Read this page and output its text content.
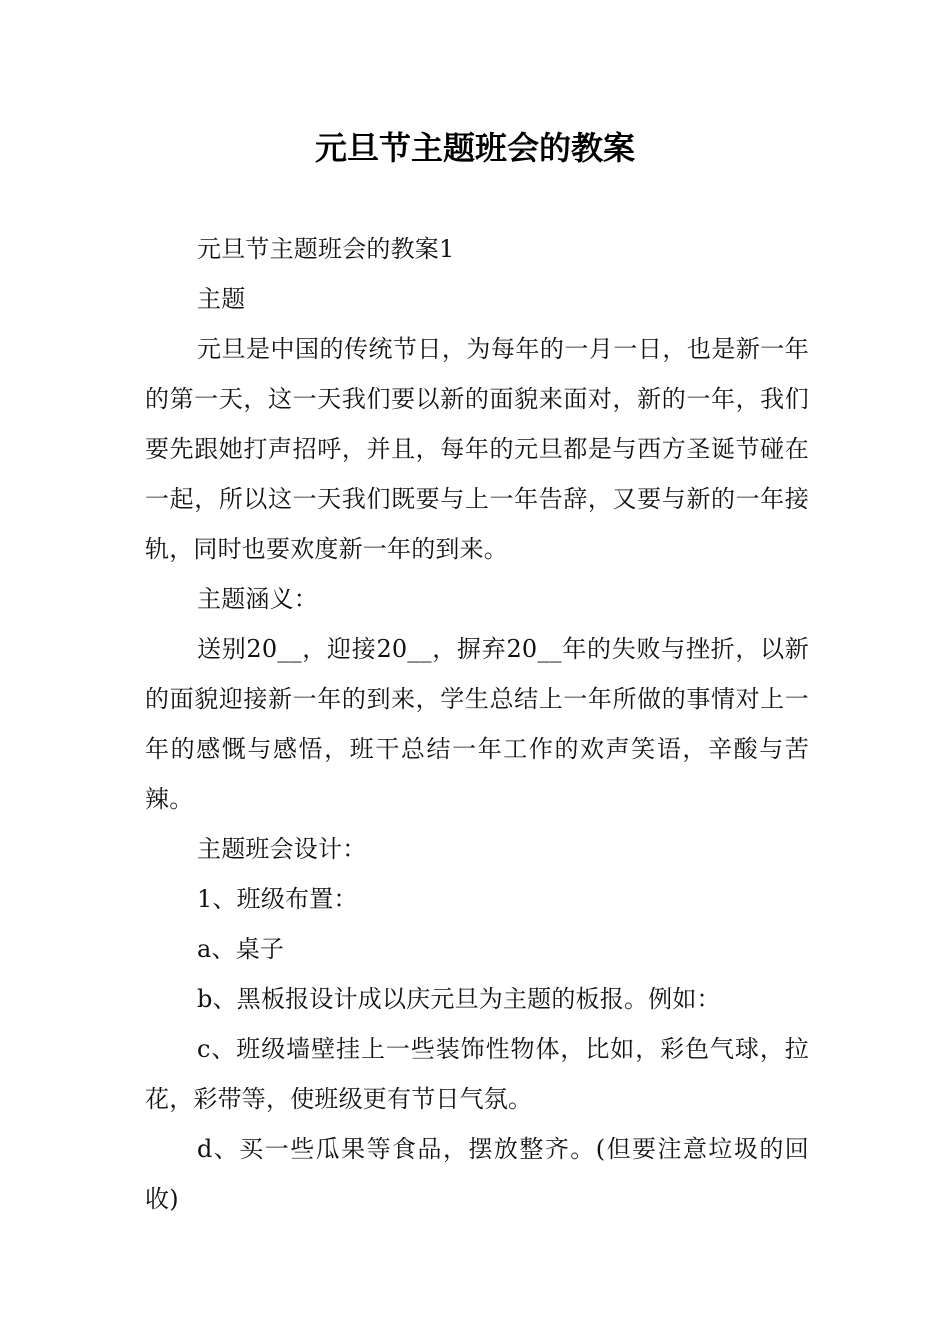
元旦节主题班会的教案

元旦节主题班会的教案1

主题

元旦是中国的传统节日，为每年的一月一日，也是新一年的第一天，这一天我们要以新的面貌来面对，新的一年，我们要先跟她打声招呼，并且，每年的元旦都是与西方圣诞节碰在一起，所以这一天我们既要与上一年告辞，又要与新的一年接轨，同时也要欢度新一年的到来。

主题涵义：

送别20__，迎接20__，摒弃20__年的失败与挫折，以新的面貌迎接新一年的到来，学生总结上一年所做的事情对上一年的感慨与感悟，班干总结一年工作的欢声笑语，辛酸与苦辣。

主题班会设计：

1、班级布置：

a、桌子

b、黑板报设计成以庆元旦为主题的板报。例如：

c、班级墙壁挂上一些装饰性物体，比如，彩色气球，拉花，彩带等，使班级更有节日气氛。

d、买一些瓜果等食品，摆放整齐。(但要注意垃圾的回收)
